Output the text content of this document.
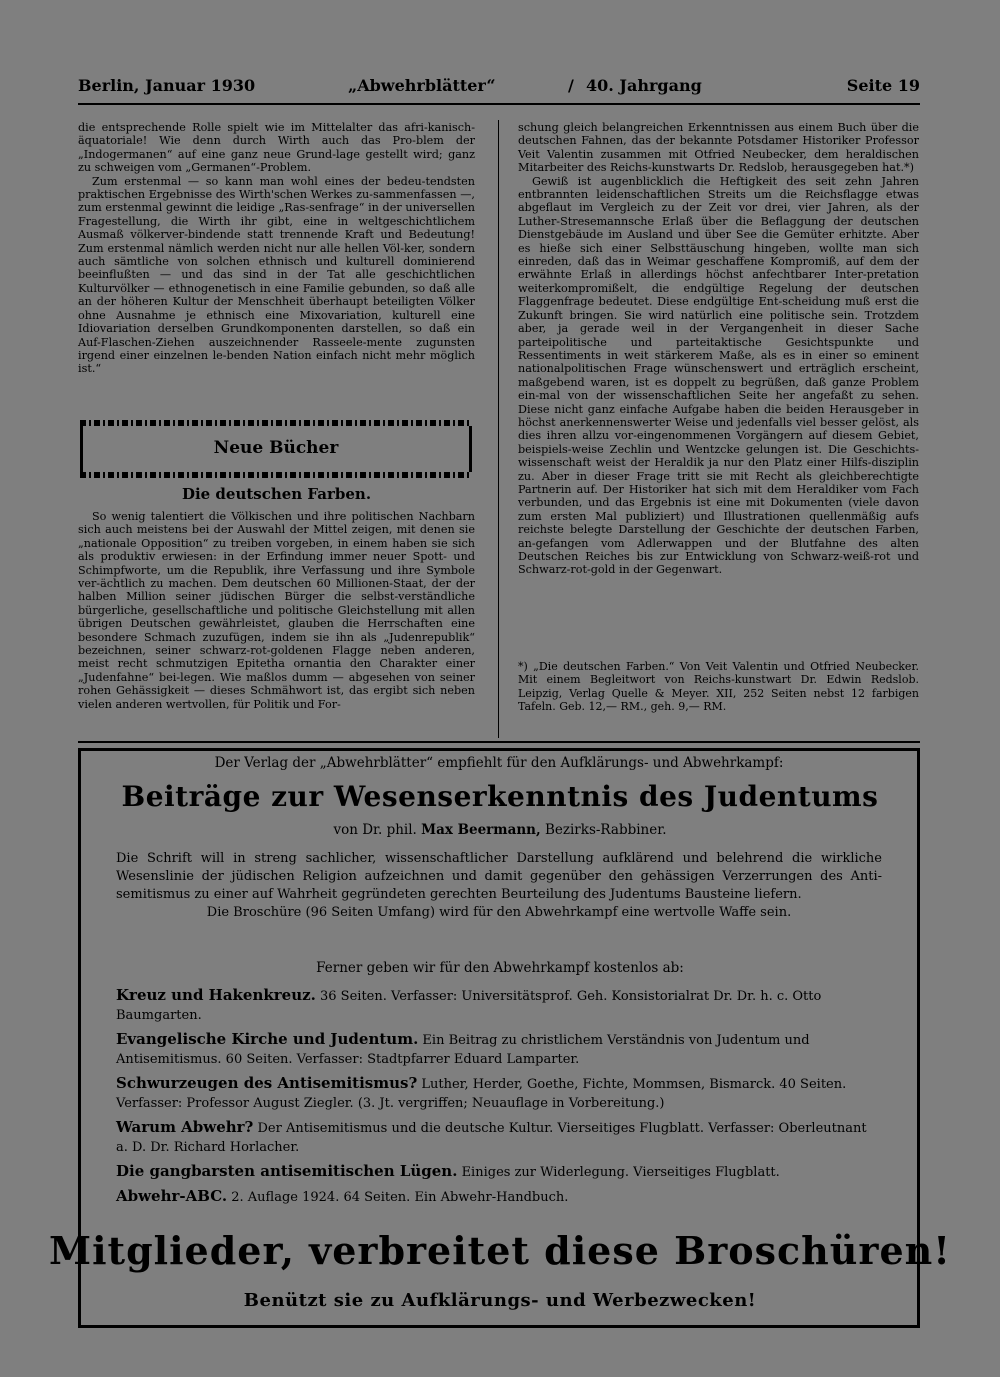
Berlin, Januar 1930	„Abwehrblätter“	/ 40. Jahrgang	Seite 19

die entsprechende Rolle spielt wie im Mittelalter das afri-kanisch-äquatoriale! Wie denn durch Wirth auch das Pro-blem der „Indogermanen“ auf eine ganz neue Grund-lage gestellt wird; ganz zu schweigen vom „Germanen“-Problem.

Zum erstenmal — so kann man wohl eines der bedeu-tendsten praktischen Ergebnisse des Wirth'schen Werkes zu-sammenfassen —, zum erstenmal gewinnt die leidige „Ras-senfrage“ in der universellen Fragestellung, die Wirth ihr gibt, eine in weltgeschichtlichem Ausmaß völkerver-bindende statt trennende Kraft und Bedeutung! Zum erstenmal nämlich werden nicht nur alle hellen Völ-ker, sondern auch sämtliche von solchen ethnisch und kulturell dominierend beeinflußten — und das sind in der Tat alle geschichtlichen Kulturvölker — ethnogenetisch in eine Familie gebunden, so daß alle an der höheren Kultur der Menschheit überhaupt beteiligten Völker ohne Ausnahme je ethnisch eine Mixovariation, kulturell eine Idiovariation derselben Grundkomponenten darstellen, so daß ein Auf-Flaschen-Ziehen auszeichnender Rasseele-mente zugunsten irgend einer einzelnen le-benden Nation einfach nicht mehr möglich ist.“

Neue Bücher
Die deutschen Farben.

So wenig talentiert die Völkischen und ihre politischen Nachbarn sich auch meistens bei der Auswahl der Mittel zeigen, mit denen sie „nationale Opposition“ zu treiben vorgeben, in einem haben sie sich als produktiv erwiesen: in der Erfindung immer neuer Spott- und Schimpfworte, um die Republik, ihre Verfassung und ihre Symbole ver-ächtlich zu machen. Dem deutschen 60 Millionen-Staat, der der halben Million seiner jüdischen Bürger die selbst-verständliche bürgerliche, gesellschaftliche und politische Gleichstellung mit allen übrigen Deutschen gewährleistet, glauben die Herrschaften eine besondere Schmach zuzufügen, indem sie ihn als „Judenrepublik“ bezeichnen, seiner schwarz-rot-goldenen Flagge neben anderen, meist recht schmutzigen Epitetha ornantia den Charakter einer „Judenfahne“ bei-legen. Wie maßlos dumm — abgesehen von seiner rohen Gehässigkeit — dieses Schmähwort ist, das ergibt sich neben vielen anderen wertvollen, für Politik und For-

schung gleich belangreichen Erkenntnissen aus einem Buch über die deutschen Fahnen, das der bekannte Potsdamer Historiker Professor Veit Valentin zusammen mit Otfried Neubecker, dem heraldischen Mitarbeiter des Reichs-kunstwarts Dr. Redslob, herausgegeben hat.*)

Gewiß ist augenblicklich die Heftigkeit des seit zehn Jahren entbrannten leidenschaftlichen Streits um die Reichsflagge etwas abgeflaut im Vergleich zu der Zeit vor drei, vier Jahren, als der Luther-Stresemannsche Erlaß über die Beflaggung der deutschen Dienstgebäude im Ausland und über See die Gemüter erhitzte. Aber es hieße sich einer Selbsttäuschung hingeben, wollte man sich einreden, daß das in Weimar geschaffene Kompromiß, auf dem der erwähnte Erlaß in allerdings höchst anfechtbarer Inter-pretation weiterkompromißelt, die endgültige Regelung der deutschen Flaggenfrage bedeutet. Diese endgültige Ent-scheidung muß erst die Zukunft bringen. Sie wird natürlich eine politische sein. Trotzdem aber, ja gerade weil in der Vergangenheit in dieser Sache parteipolitische und parteitaktische Gesichtspunkte und Ressentiments in weit stärkerem Maße, als es in einer so eminent nationalpolitischen Frage wünschenswert und erträglich erscheint, maßgebend waren, ist es doppelt zu begrüßen, daß ganze Problem ein-mal von der wissenschaftlichen Seite her angefaßt zu sehen. Diese nicht ganz einfache Aufgabe haben die beiden Herausgeber in höchst anerkennenswerter Weise und jedenfalls viel besser gelöst, als dies ihren allzu vor-eingenommenen Vorgängern auf diesem Gebiet, beispiels-weise Zechlin und Wentzcke gelungen ist. Die Geschichts-wissenschaft weist der Heraldik ja nur den Platz einer Hilfs-disziplin zu. Aber in dieser Frage tritt sie mit Recht als gleichberechtigte Partnerin auf. Der Historiker hat sich mit dem Heraldiker vom Fach verbunden, und das Ergebnis ist eine mit Dokumenten (viele davon zum ersten Mal publiziert) und Illustrationen quellenmäßig aufs reichste belegte Darstellung der Geschichte der deutschen Farben, an-gefangen vom Adlerwappen und der Blutfahne des alten Deutschen Reiches bis zur Entwicklung von Schwarz-weiß-rot und Schwarz-rot-gold in der Gegenwart.

*) „Die deutschen Farben.“ Von Veit Valentin und Otfried Neubecker. Mit einem Begleitwort von Reichs-kunstwart Dr. Edwin Redslob. Leipzig, Verlag Quelle & Meyer. XII, 252 Seiten nebst 12 farbigen Tafeln. Geb. 12,— RM., geh. 9,— RM.
Der Verlag der „Abwehrblätter“ empfiehlt für den Aufklärungs- und Abwehrkampf:
Beiträge zur Wesenserkenntnis des Judentums
von Dr. phil. Max Beermann, Bezirks-Rabbiner.

Die Schrift will in streng sachlicher, wissenschaftlicher Darstellung aufklärend und belehrend die wirkliche Wesenslinie der jüdischen Religion aufzeichnen und damit gegenüber den gehässigen Verzerrungen des Anti-semitismus zu einer auf Wahrheit gegründeten gerechten Beurteilung des Judentums Bausteine liefern.

Die Broschüre (96 Seiten Umfang) wird für den Abwehrkampf eine wertvolle Waffe sein.

Ferner geben wir für den Abwehrkampf kostenlos ab:
Kreuz und Hakenkreuz. 36 Seiten. Verfasser: Universitätsprof. Geh. Konsistorialrat Dr. Dr. h. c. Otto Baumgarten.
Evangelische Kirche und Judentum. Ein Beitrag zu christlichem Verständnis von Judentum und Antisemitismus. 60 Seiten. Verfasser: Stadtpfarrer Eduard Lamparter.
Schwurzeugen des Antisemitismus? Luther, Herder, Goethe, Fichte, Mommsen, Bismarck. 40 Seiten. Verfasser: Professor August Ziegler. (3. Jt. vergriffen; Neuauflage in Vorbereitung.)
Warum Abwehr? Der Antisemitismus und die deutsche Kultur. Vierseitiges Flugblatt. Verfasser: Oberleutnant a. D. Dr. Richard Horlacher.
Die gangbarsten antisemitischen Lügen. Einiges zur Widerlegung. Vierseitiges Flugblatt.
Abwehr-ABC. 2. Auflage 1924. 64 Seiten. Ein Abwehr-Handbuch.
Mitglieder, verbreitet diese Broschüren!
Benützt sie zu Aufklärungs- und Werbezwecken!
